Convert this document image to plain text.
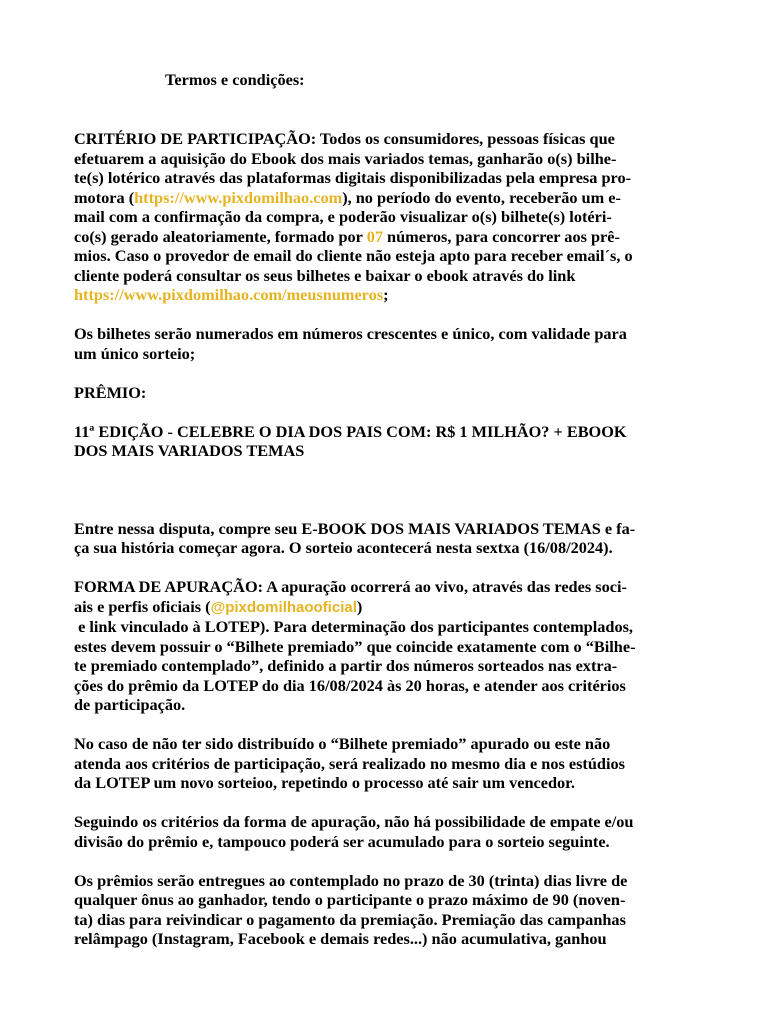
Termos e condições:

CRITÉRIO DE PARTICIPAÇÃO: Todos os consumidores, pessoas físicas que

efetuarem a aquisição do Ebook dos mais variados temas, ganharão o(s) bilhe-

te(s) lotérico através das plataformas digitais disponibilizadas pela empresa pro-

motora (https://www.pixdomilhao.com), no período do evento, receberão um e-

mail com a confirmação da compra, e poderão visualizar o(s) bilhete(s) lotéri-

co(s) gerado aleatoriamente, formado por 07 números, para concorrer aos prê-

mios. Caso o provedor de email do cliente não esteja apto para receber email´s, o

cliente poderá consultar os seus bilhetes e baixar o ebook através do link

https://www.pixdomilhao.com/meusnumeros;

Os bilhetes serão numerados em números crescentes e único, com validade para

um único sorteio;

PRÊMIO:

11ª EDIÇÃO - CELEBRE O DIA DOS PAIS COM: R$ 1 MILHÃO? + EBOOK

DOS MAIS VARIADOS TEMAS

Entre nessa disputa, compre seu E-BOOK DOS MAIS VARIADOS TEMAS e fa-

ça sua história começar agora. O sorteio acontecerá nesta sextxa (16/08/2024).

FORMA DE APURAÇÃO: A apuração ocorrerá ao vivo, através das redes soci-

ais e perfis oficiais (@pixdomilhaooficial)

e link vinculado à LOTEP). Para determinação dos participantes contemplados,

estes devem possuir o “Bilhete premiado” que coincide exatamente com o “Bilhe-

te premiado contemplado”, definido a partir dos números sorteados nas extra-

ções do prêmio da LOTEP do dia 16/08/2024 às 20 horas, e atender aos critérios

de participação.

No caso de não ter sido distribuído o “Bilhete premiado” apurado ou este não

atenda aos critérios de participação, será realizado no mesmo dia e nos estúdios

da LOTEP um novo sorteioo, repetindo o processo até sair um vencedor.

Seguindo os critérios da forma de apuração, não há possibilidade de empate e/ou

divisão do prêmio e, tampouco poderá ser acumulado para o sorteio seguinte.

Os prêmios serão entregues ao contemplado no prazo de 30 (trinta) dias livre de

qualquer ônus ao ganhador, tendo o participante o prazo máximo de 90 (noven-

ta) dias para reivindicar o pagamento da premiação. Premiação das campanhas

relâmpago (Instagram, Facebook e demais redes...) não acumulativa, ganhou
